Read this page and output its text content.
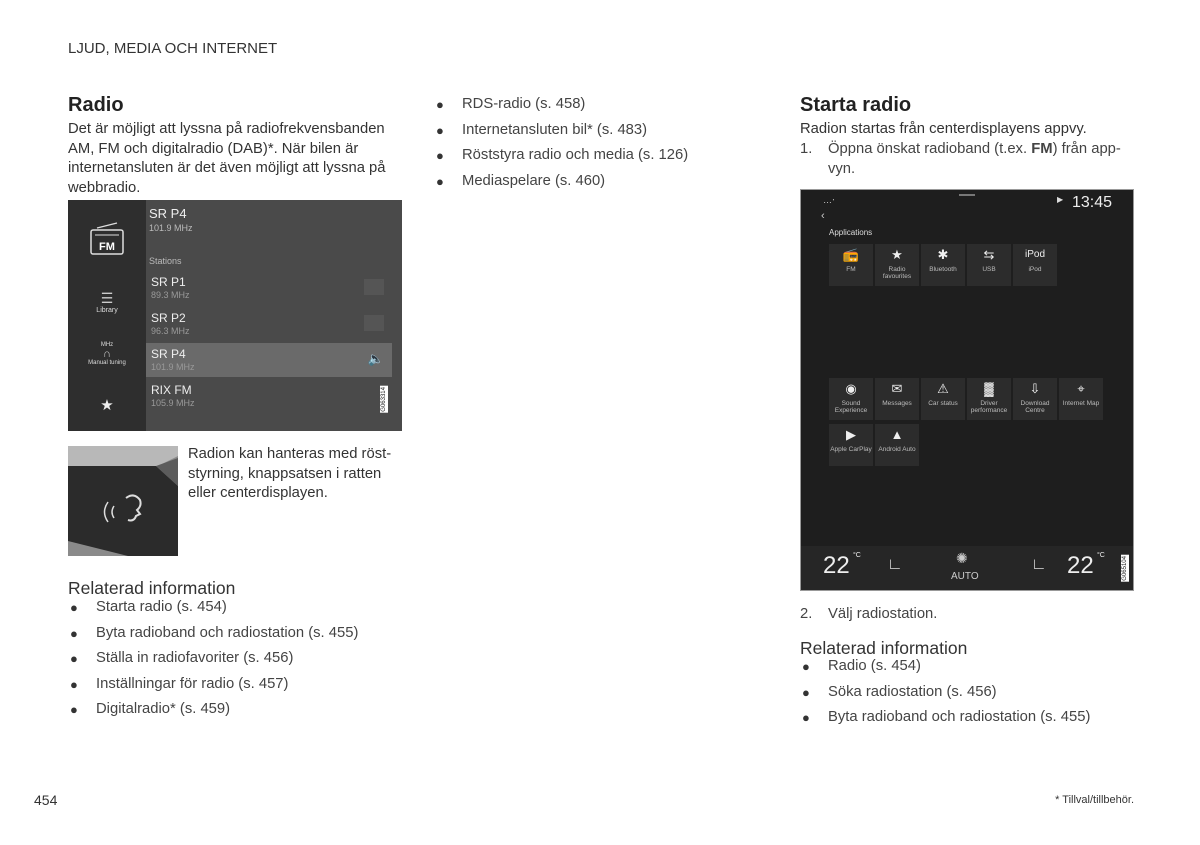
LJUD, MEDIA OCH INTERNET
Radio
Det är möjligt att lyssna på radiofrekvensbanden
AM, FM och digitalradio (DAB)*. När bilen är
internetansluten är det även möjligt att lyssna på
webbradio.
FM
☰
Library
MHz
∩
Manual tuning
★
SR P4
101.9 MHz
Stations
SR P1
89.3 MHz
SR P2
96.3 MHz
SR P4
101.9 MHz
🔈
RIX FM
105.9 MHz	G063314
Radion kan hanteras med röst-
styrning, knappsatsen i ratten
eller centerdisplayen.
Relaterad information
● Starta radio (s. 454)
● Byta radioband och radiostation (s. 455)
● Ställa in radiofavoriter (s. 456)
● Inställningar för radio (s. 457)
● Digitalradio* (s. 459)
● RDS-radio (s. 458)
● Internetansluten bil* (s. 483)
● Röststyra radio och media (s. 126)
● Mediaspelare (s. 460)
Starta radio
Radion startas från centerdisplayens appvy.
1. Öppna önskat radioband (t.ex. FM) från app-
vyn.
…‧	▶ 13:45
‹
Applications
22 °C
∟	✺
AUTO
∟ 22 °C
G065104
📻
FM
★
Radio favourites
✱
Bluetooth
⇆
USB
iPod
iPod
◉
Sound Experience
✉
Messages
⚠
Car status
▓
Driver performance
⇩
Download Centre
⌖
Internet Map
▶
Apple CarPlay
▲
Android Auto
2. Välj radiostation.
Relaterad information
● Radio (s. 454)
● Söka radiostation (s. 456)
● Byta radioband och radiostation (s. 455)
454	* Tillval/tillbehör.
